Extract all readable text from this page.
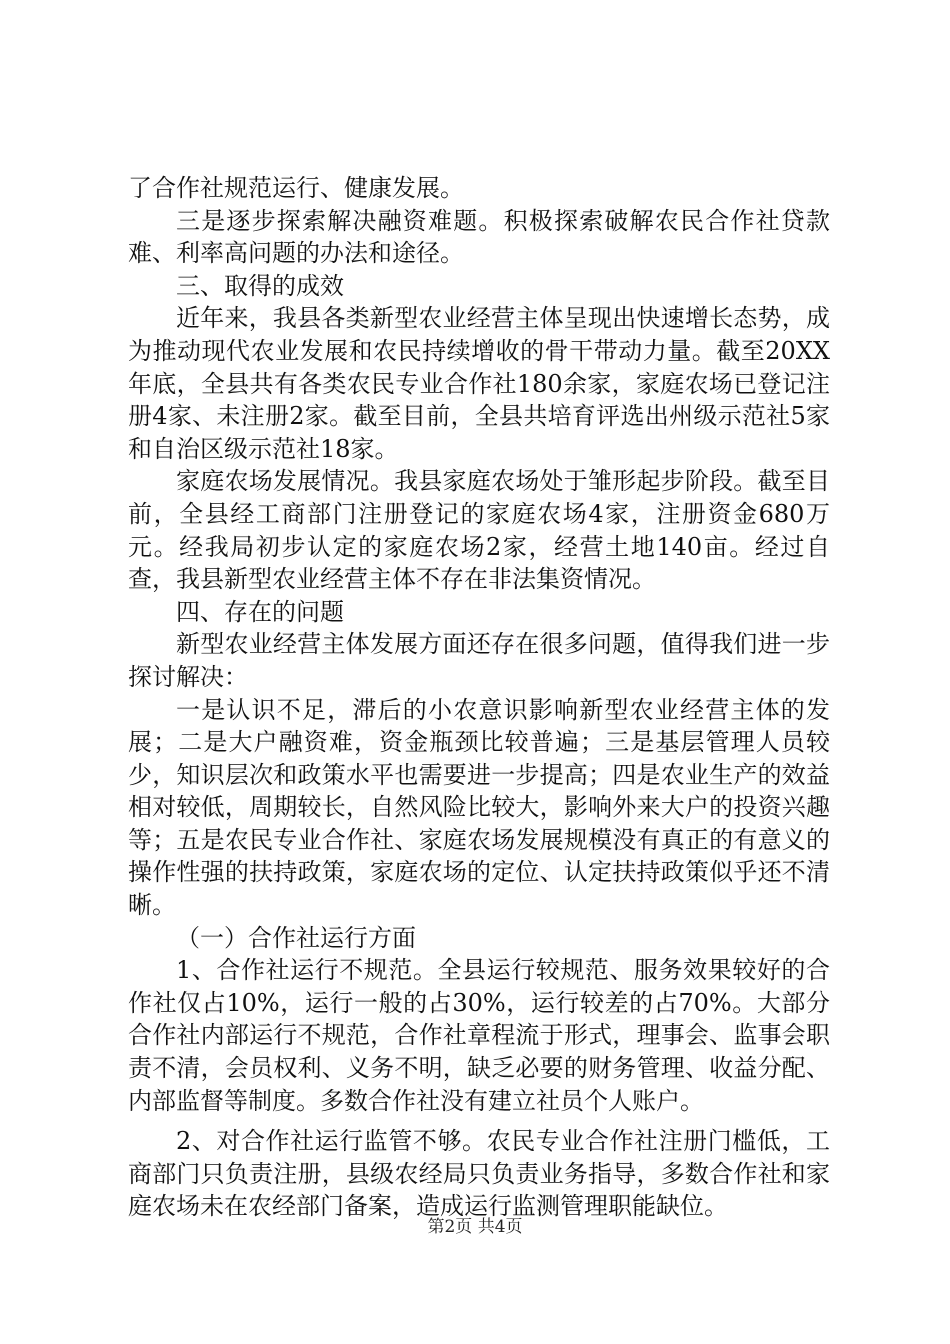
了合作社规范运行、健康发展。

三是逐步探索解决融资难题。积极探索破解农民合作社贷款难、利率高问题的办法和途径。

三、取得的成效

近年来，我县各类新型农业经营主体呈现出快速增长态势，成为推动现代农业发展和农民持续增收的骨干带动力量。截至20XX年底，全县共有各类农民专业合作社180余家，家庭农场已登记注册4家、未注册2家。截至目前，全县共培育评选出州级示范社5家和自治区级示范社18家。

家庭农场发展情况。我县家庭农场处于雏形起步阶段。截至目前，全县经工商部门注册登记的家庭农场4家，注册资金680万元。经我局初步认定的家庭农场2家，经营土地140亩。经过自查，我县新型农业经营主体不存在非法集资情况。

四、存在的问题

新型农业经营主体发展方面还存在很多问题，值得我们进一步探讨解决：

一是认识不足，滞后的小农意识影响新型农业经营主体的发展；二是大户融资难，资金瓶颈比较普遍；三是基层管理人员较少，知识层次和政策水平也需要进一步提高；四是农业生产的效益相对较低，周期较长，自然风险比较大，影响外来大户的投资兴趣等；五是农民专业合作社、家庭农场发展规模没有真正的有意义的操作性强的扶持政策，家庭农场的定位、认定扶持政策似乎还不清晰。

（一）合作社运行方面

1、合作社运行不规范。全县运行较规范、服务效果较好的合作社仅占10%，运行一般的占30%，运行较差的占70%。大部分合作社内部运行不规范，合作社章程流于形式，理事会、监事会职责不清，会员权利、义务不明，缺乏必要的财务管理、收益分配、内部监督等制度。多数合作社没有建立社员个人账户。

2、对合作社运行监管不够。农民专业合作社注册门槛低，工商部门只负责注册，县级农经局只负责业务指导，多数合作社和家庭农场未在农经部门备案，造成运行监测管理职能缺位。

第2页 共4页
